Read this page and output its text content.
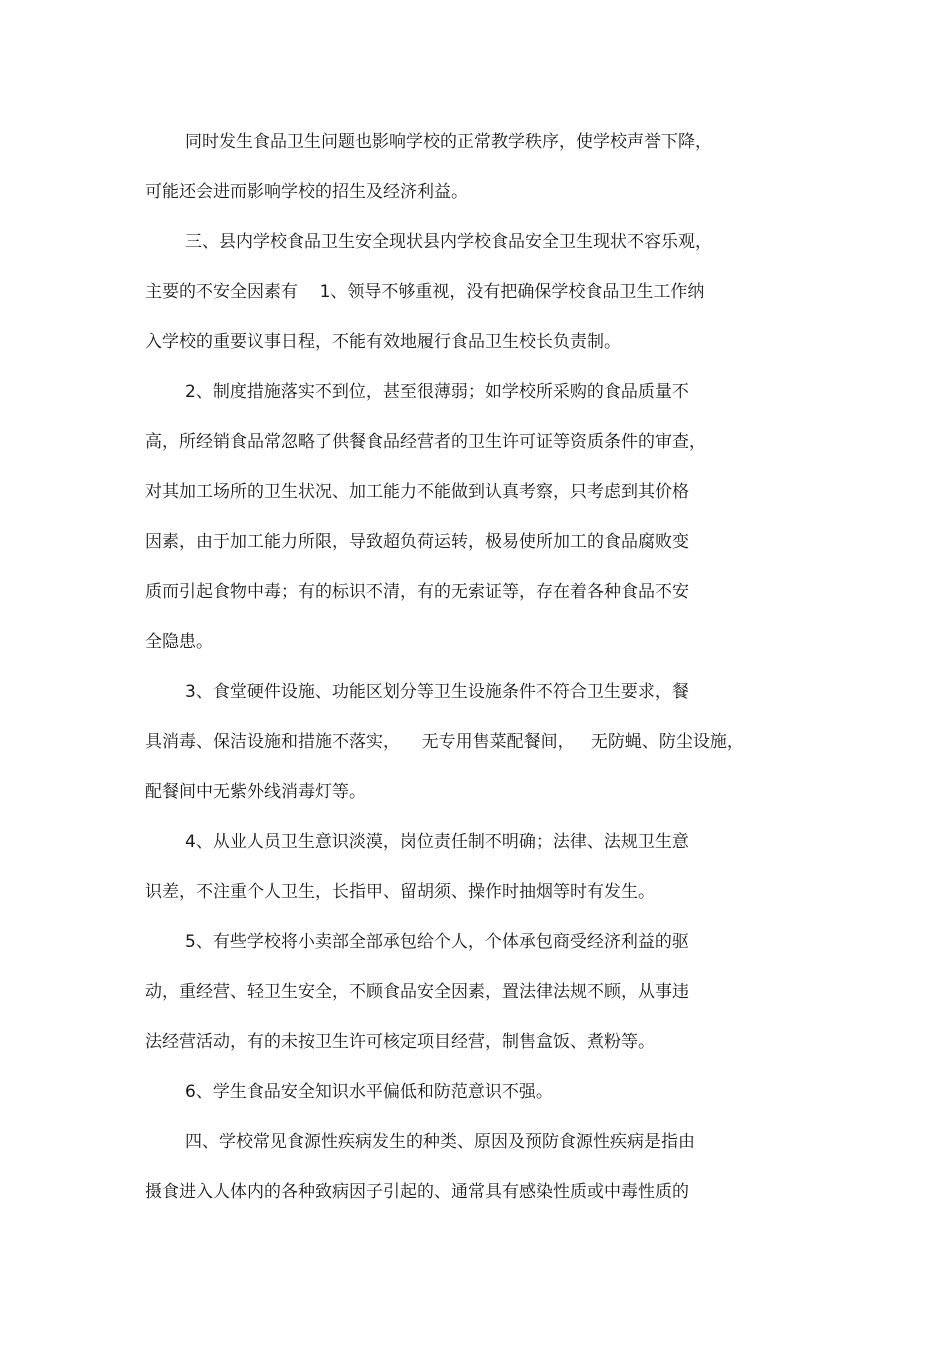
同时发生食品卫生问题也影响学校的正常教学秩序，使学校声誉下降，
可能还会进而影响学校的招生及经济利益。
三、县内学校食品卫生安全现状县内学校食品安全卫生现状不容乐观，
主要的不安全因素有    1、领导不够重视，没有把确保学校食品卫生工作纳
入学校的重要议事日程，不能有效地履行食品卫生校长负责制。
2、制度措施落实不到位，甚至很薄弱；如学校所采购的食品质量不
高，所经销食品常忽略了供餐食品经营者的卫生许可证等资质条件的审查，
对其加工场所的卫生状况、加工能力不能做到认真考察，只考虑到其价格
因素，由于加工能力所限，导致超负荷运转，极易使所加工的食品腐败变
质而引起食物中毒；有的标识不清，有的无索证等，存在着各种食品不安
全隐患。
3、食堂硬件设施、功能区划分等卫生设施条件不符合卫生要求，餐
具消毒、保洁设施和措施不落实，    无专用售菜配餐间，   无防蝇、防尘设施，
配餐间中无紫外线消毒灯等。
4、从业人员卫生意识淡漠，岗位责任制不明确；法律、法规卫生意
识差，不注重个人卫生，长指甲、留胡须、操作时抽烟等时有发生。
5、有些学校将小卖部全部承包给个人，个体承包商受经济利益的驱
动，重经营、轻卫生安全，不顾食品安全因素，置法律法规不顾，从事违
法经营活动，有的未按卫生许可核定项目经营，制售盒饭、煮粉等。
6、学生食品安全知识水平偏低和防范意识不强。
四、学校常见食源性疾病发生的种类、原因及预防食源性疾病是指由
摄食进入人体内的各种致病因子引起的、通常具有感染性质或中毒性质的
